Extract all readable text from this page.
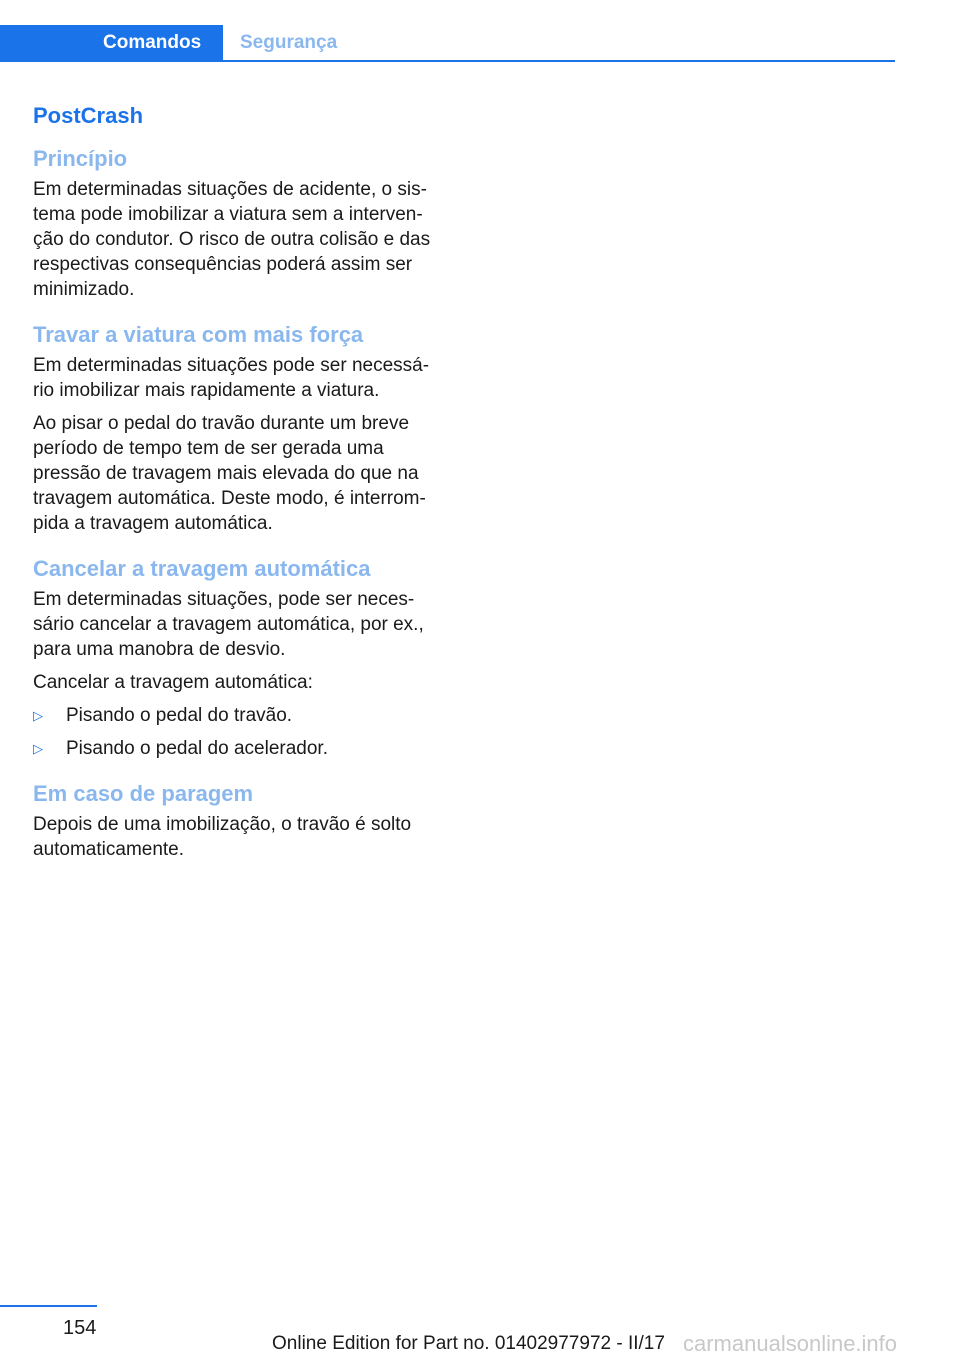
Comandos	Segurança
PostCrash
Princípio
Em determinadas situações de acidente, o sis-
tema pode imobilizar a viatura sem a interven-
ção do condutor. O risco de outra colisão e das
respectivas consequências poderá assim ser
minimizado.
Travar a viatura com mais força
Em determinadas situações pode ser necessá-
rio imobilizar mais rapidamente a viatura.
Ao pisar o pedal do travão durante um breve
período de tempo tem de ser gerada uma
pressão de travagem mais elevada do que na
travagem automática. Deste modo, é interrom-
pida a travagem automática.
Cancelar a travagem automática
Em determinadas situações, pode ser neces-
sário cancelar a travagem automática, por ex.,
para uma manobra de desvio.
Cancelar a travagem automática:
▷ Pisando o pedal do travão.
▷ Pisando o pedal do acelerador.
Em caso de paragem
Depois de uma imobilização, o travão é solto
automaticamente.
154
Online Edition for Part no. 01402977972 - II/17 carmanualsonline.info
